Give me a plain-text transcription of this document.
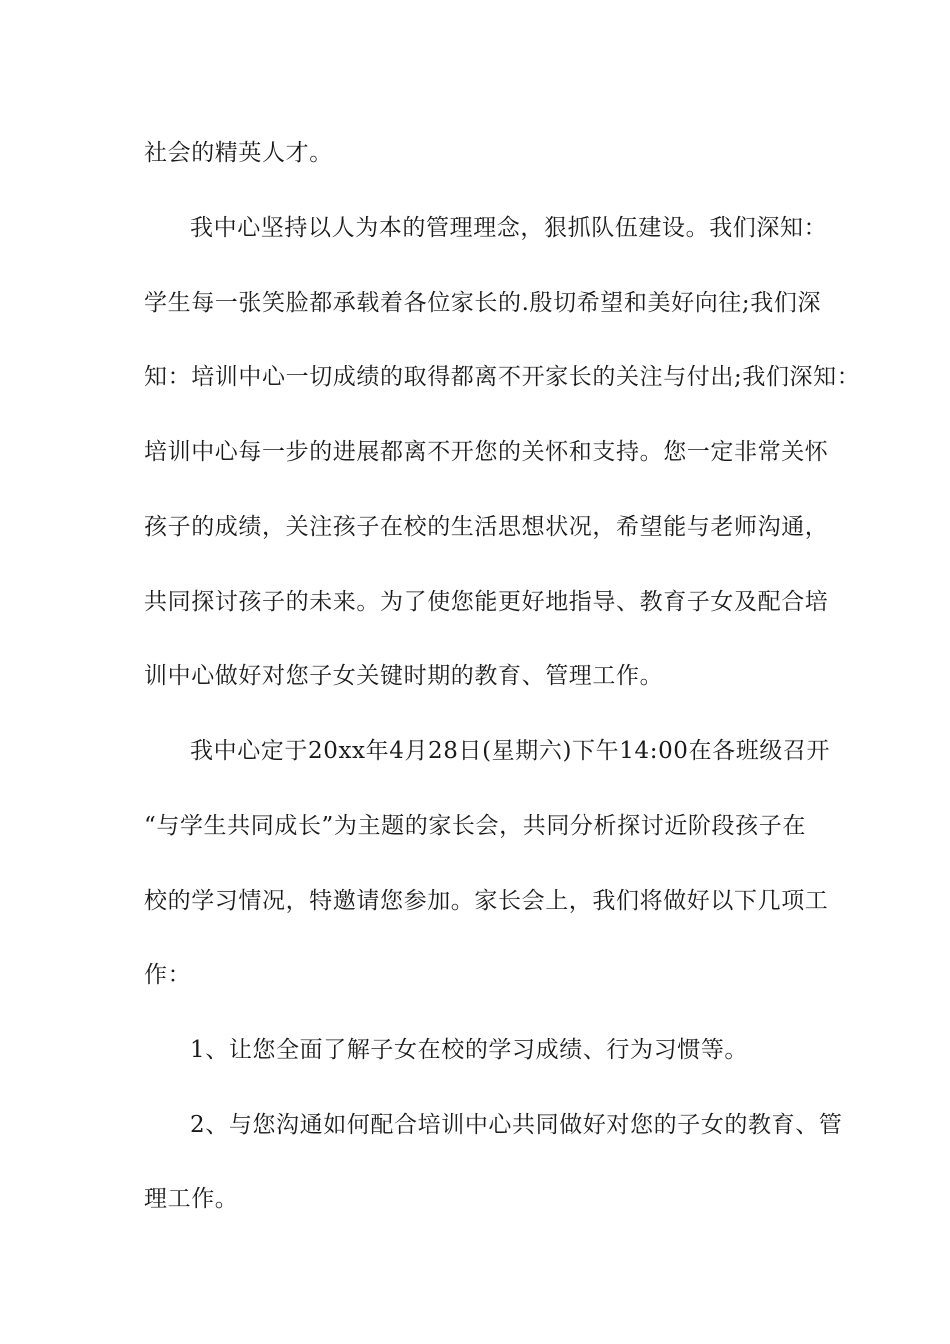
社会的精英人才。
我中心坚持以人为本的管理理念，狠抓队伍建设。我们深知：
学生每一张笑脸都承载着各位家长的.殷切希望和美好向往;我们深
知：培训中心一切成绩的取得都离不开家长的关注与付出;我们深知：
培训中心每一步的进展都离不开您的关怀和支持。您一定非常关怀
孩子的成绩，关注孩子在校的生活思想状况，希望能与老师沟通，
共同探讨孩子的未来。为了使您能更好地指导、教育子女及配合培
训中心做好对您子女关键时期的教育、管理工作。
我中心定于20xx年4月28日(星期六)下午14:00在各班级召开
“与学生共同成长”为主题的家长会，共同分析探讨近阶段孩子在
校的学习情况，特邀请您参加。家长会上，我们将做好以下几项工
作：
1、让您全面了解子女在校的学习成绩、行为习惯等。
2、与您沟通如何配合培训中心共同做好对您的子女的教育、管
理工作。
